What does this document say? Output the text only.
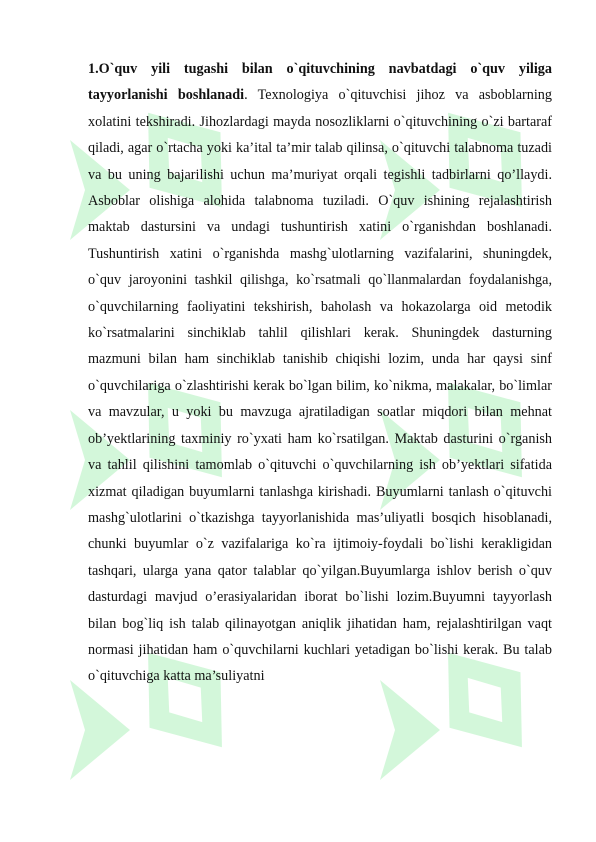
1.O`quv yili tugashi bilan o`qituvchining navbatdagi o`quv yiliga tayyorlanishi boshlanadi. Texnologiya o`qituvchisi jihoz va asboblarning xolatini tekshiradi. Jihozlardagi mayda nosozliklarni o`qituvchining o`zi bartaraf qiladi, agar o`rtacha yoki ka’ital ta’mir talab qilinsa, o`qituvchi talabnoma tuzadi va bu uning bajarilishi uchun ma’muriyat orqali tegishli tadbirlarni qo’llaydi. Asboblar olishiga alohida talabnoma tuziladi. O`quv ishining rejalashtirish maktab dastursini va undagi tushuntirish xatini o`rganishdan boshlanadi. Tushuntirish xatini o`rganishda mashg`ulotlarning vazifalarini, shuningdek, o`quv jaroyonini tashkil qilishga, ko`rsatmali qo`llanmalardan foydalanishga, o`quvchilarning faoliyatini tekshirish, baholash va hokazolarga oid metodik ko`rsatmalarini sinchiklab tahlil qilishlari kerak. Shuningdek dasturning mazmuni bilan ham sinchiklab tanishib chiqishi lozim, unda har qaysi sinf o`quvchilariga o`zlashtirishi kerak bo`lgan bilim, ko`nikma, malakalar, bo`limlar va mavzular, u yoki bu mavzuga ajratiladigan soatlar miqdori bilan mehnat ob’yektlarining taxminiy ro`yxati ham ko`rsatilgan. Maktab dasturini o`rganish va tahlil qilishini tamomlab o`qituvchi o`quvchilarning ish ob’yektlari sifatida xizmat qiladigan buyumlarni tanlashga kirishadi. Buyumlarni tanlash o`qituvchi mashg`ulotlarini o`tkazishga tayyorlanishida mas’uliyatli bosqich hisoblanadi, chunki buyumlar o`z vazifalariga ko`ra ijtimoiy-foydali bo`lishi kerakligidan tashqari, ularga yana qator talablar qo`yilgan.Buyumlarga ishlov berish o`quv dasturdagi mavjud o’erasiyalaridan iborat bo`lishi lozim.Buyumni tayyorlash bilan bog`liq ish talab qilinayotgan aniqlik jihatidan ham, rejalashtirilgan vaqt normasi jihatidan ham o`quvchilarni kuchlari yetadigan bo`lishi kerak. Bu talab o`qituvchiga katta ma’suliyatni
